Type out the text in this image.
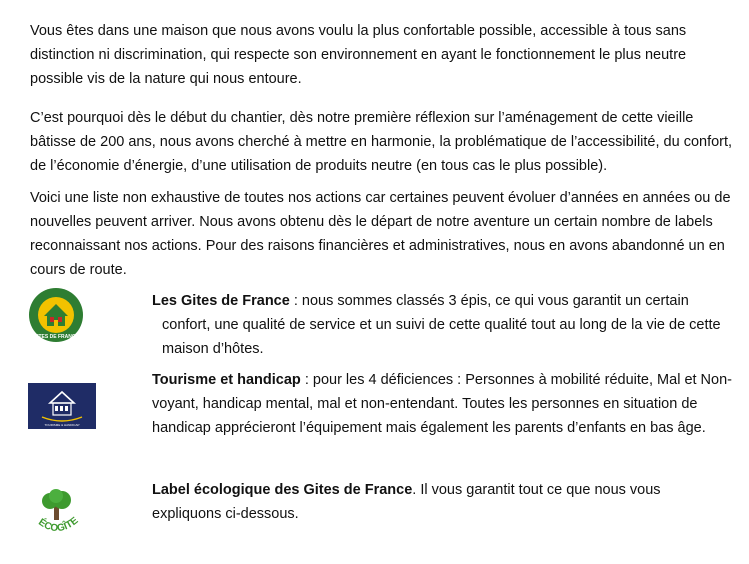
Vous êtes dans une maison que nous avons voulu la plus confortable possible, accessible à tous sans distinction ni discrimination, qui respecte son environnement en ayant le fonctionnement le plus neutre possible vis de la nature qui nous entoure.

C’est pourquoi dès le début du chantier, dès notre première réflexion sur l’aménagement de cette vieille bâtisse de 200 ans, nous avons cherché à mettre en harmonie, la problématique de l’accessibilité, du confort, de l’économie d’énergie, d’une utilisation de produits neutre (en tous cas le plus possible).

Voici une liste non exhaustive de toutes nos actions car certaines peuvent évoluer d’années en années ou de nouvelles peuvent arriver. Nous avons obtenu dès le départ de notre aventure un certain nombre de labels reconnaissant nos actions. Pour des raisons financières et administratives, nous en avons abandonné un en cours de route.

GITES DE FRANCE

Les Gites de France : nous sommes classés 3 épis, ce qui vous garantit un certain

confort, une qualité de service et un suivi de cette qualité tout au long de la vie de cette maison d’hôtes.

TOURISME & HANDICAP

Tourisme et handicap : pour les 4 déficiences : Personnes à mobilité réduite, Mal et Non-voyant, handicap mental, mal et non-entendant. Toutes les personnes en situation de handicap apprécieront l’équipement mais également les parents d’enfants en bas âge.

ÉCOGÎTE

Label écologique des Gites de France. Il vous garantit tout ce que nous vous expliquons ci-dessous.
